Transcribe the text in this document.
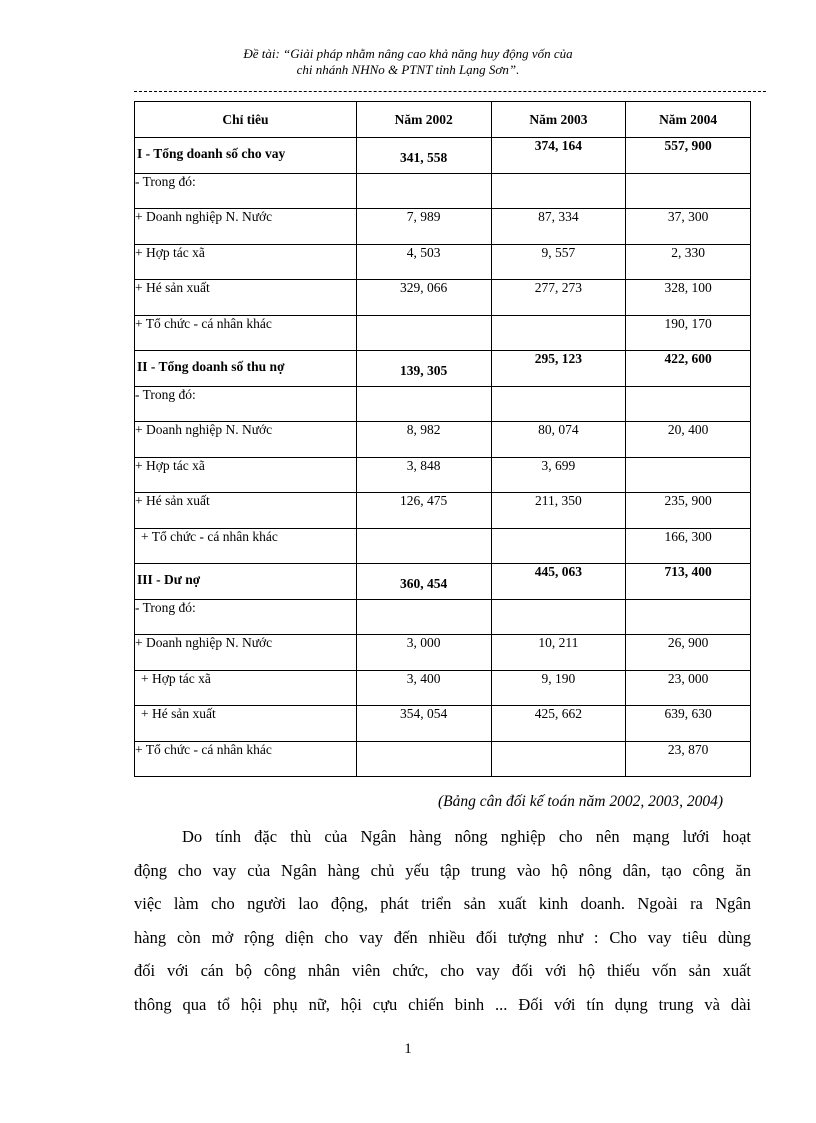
Đề tài: “Giải pháp nhằm nâng cao khả năng huy động vốn của
chi nhánh NHNo & PTNT tỉnh Lạng Sơn”.
Chỉ tiêu	Năm 2002	Năm 2003	Năm 2004
I - Tổng doanh số cho vay	341, 558	374, 164	557, 900
- Trong đó:			
+ Doanh nghiệp N. Nước	7, 989	87, 334	37, 300
+ Hợp tác xã	4, 503	9, 557	2, 330
+ Hé sản xuất	329, 066	277, 273	328, 100
+ Tổ chức - cá nhân khác			190, 170
II - Tổng doanh số thu nợ	139, 305	295, 123	422, 600
- Trong đó:			
+ Doanh nghiệp N. Nước	8, 982	80, 074	20, 400
+ Hợp tác xã	3, 848	3, 699	
+ Hé sản xuất	126, 475	211, 350	235, 900
+ Tổ chức - cá nhân khác			166, 300
III - Dư nợ	360, 454	445, 063	713, 400
- Trong đó:			
+ Doanh nghiệp N. Nước	3, 000	10, 211	26, 900
+ Hợp tác xã	3, 400	9, 190	23, 000
+ Hé sản xuất	354, 054	425, 662	639, 630
+ Tổ chức - cá nhân khác			23, 870
(Bảng cân đối kế toán năm 2002, 2003, 2004)
Do tính đặc thù của Ngân hàng nông nghiệp cho nên mạng lưới hoạt
động cho vay của Ngân hàng chủ yếu tập trung vào hộ nông dân, tạo công ăn
việc làm cho người lao động, phát triển sản xuất kinh doanh. Ngoài ra Ngân
hàng còn mở rộng diện cho vay đến nhiều đối tượng như : Cho vay tiêu dùng
đối với cán bộ công nhân viên chức, cho vay đối với hộ thiếu vốn sản xuất
thông qua tổ hội phụ nữ, hội cựu chiến binh ... Đối với tín dụng trung và dài
1
